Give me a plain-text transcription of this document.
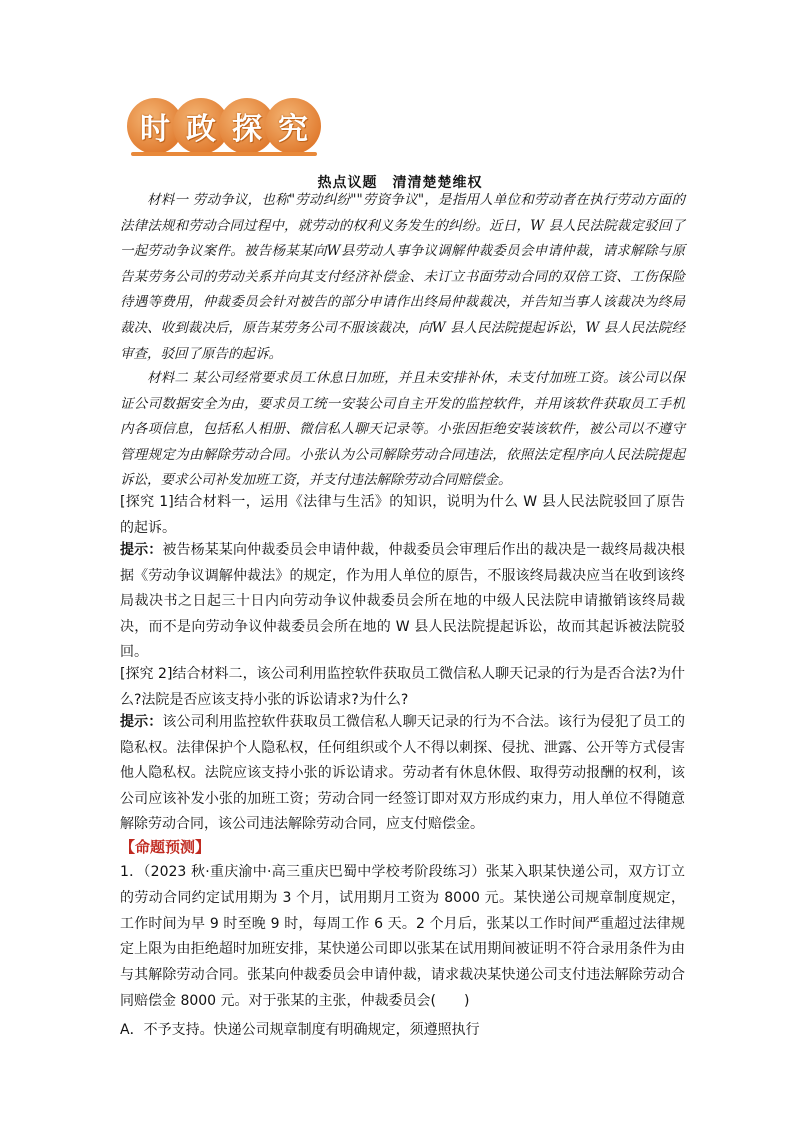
时 政 探 究
热点议题　清清楚楚维权

材料一 劳动争议，也称"劳动纠纷""劳资争议"，是指用人单位和劳动者在执行劳动方面的法律法规和劳动合同过程中，就劳动的权利义务发生的纠纷。近日，W 县人民法院裁定驳回了一起劳动争议案件。被告杨某某向W县劳动人事争议调解仲裁委员会申请仲裁，请求解除与原告某劳务公司的劳动关系并向其支付经济补偿金、未订立书面劳动合同的双倍工资、工伤保险待遇等费用，仲裁委员会针对被告的部分申请作出终局仲裁裁决，并告知当事人该裁决为终局裁决、收到裁决后，原告某劳务公司不服该裁决，向W 县人民法院提起诉讼，W 县人民法院经审查，驳回了原告的起诉。

材料二 某公司经常要求员工休息日加班，并且未安排补休，未支付加班工资。该公司以保证公司数据安全为由，要求员工统一安装公司自主开发的监控软件，并用该软件获取员工手机内各项信息，包括私人相册、微信私人聊天记录等。小张因拒绝安装该软件，被公司以不遵守管理规定为由解除劳动合同。小张认为公司解除劳动合同违法，依照法定程序向人民法院提起诉讼，要求公司补发加班工资，并支付违法解除劳动合同赔偿金。

[探究 1]结合材料一，运用《法律与生活》的知识，说明为什么 W 县人民法院驳回了原告的起诉。

提示：被告杨某某向仲裁委员会申请仲裁，仲裁委员会审理后作出的裁决是一裁终局裁决根据《劳动争议调解仲裁法》的规定，作为用人单位的原告，不服该终局裁决应当在收到该终局裁决书之日起三十日内向劳动争议仲裁委员会所在地的中级人民法院申请撤销该终局裁决，而不是向劳动争议仲裁委员会所在地的 W 县人民法院提起诉讼，故而其起诉被法院驳回。

[探究 2]结合材料二，该公司利用监控软件获取员工微信私人聊天记录的行为是否合法?为什么?法院是否应该支持小张的诉讼请求?为什么?

提示：该公司利用监控软件获取员工微信私人聊天记录的行为不合法。该行为侵犯了员工的隐私权。法律保护个人隐私权，任何组织或个人不得以刺探、侵扰、泄露、公开等方式侵害他人隐私权。法院应该支持小张的诉讼请求。劳动者有休息休假、取得劳动报酬的权利，该公司应该补发小张的加班工资；劳动合同一经签订即对双方形成约束力，用人单位不得随意解除劳动合同，该公司违法解除劳动合同，应支付赔偿金。

【命题预测】

1．（2023 秋·重庆渝中·高三重庆巴蜀中学校考阶段练习）张某入职某快递公司，双方订立的劳动合同约定试用期为 3 个月，试用期月工资为 8000 元。某快递公司规章制度规定，工作时间为早 9 时至晚 9 时，每周工作 6 天。2 个月后，张某以工作时间严重超过法律规定上限为由拒绝超时加班安排，某快递公司即以张某在试用期间被证明不符合录用条件为由与其解除劳动合同。张某向仲裁委员会申请仲裁，请求裁决某快递公司支付违法解除劳动合同赔偿金 8000 元。对于张某的主张，仲裁委员会(　　)

A．不予支持。快递公司规章制度有明确规定，须遵照执行
